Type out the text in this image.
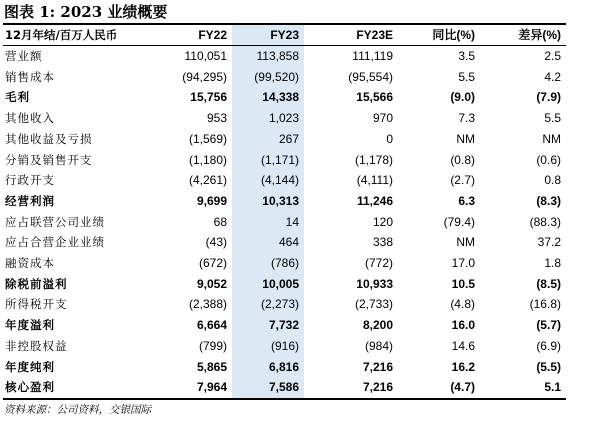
图表 1: 2023 业绩概要
12月年结/百万人民币	FY22	FY23	FY23E	同比(%)	差异(%)
营业额	110,051	113,858	111,119	3.5	2.5
销售成本	(94,295)	(99,520)	(95,554)	5.5	4.2
毛利	15,756	14,338	15,566	(9.0)	(7.9)
其他收入	953	1,023	970	7.3	5.5
其他收益及亏损	(1,569)	267	0	NM	NM
分销及销售开支	(1,180)	(1,171)	(1,178)	(0.8)	(0.6)
行政开支	(4,261)	(4,144)	(4,111)	(2.7)	0.8
经营利润	9,699	10,313	11,246	6.3	(8.3)
应占联营公司业绩	68	14	120	(79.4)	(88.3)
应占合营企业业绩	(43)	464	338	NM	37.2
融资成本	(672)	(786)	(772)	17.0	1.8
除税前溢利	9,052	10,005	10,933	10.5	(8.5)
所得税开支	(2,388)	(2,273)	(2,733)	(4.8)	(16.8)
年度溢利	6,664	7,732	8,200	16.0	(5.7)
非控股权益	(799)	(916)	(984)	14.6	(6.9)
年度纯利	5,865	6,816	7,216	16.2	(5.5)
核心盈利	7,964	7,586	7,216	(4.7)	5.1
资料来源：公司资料，交银国际
